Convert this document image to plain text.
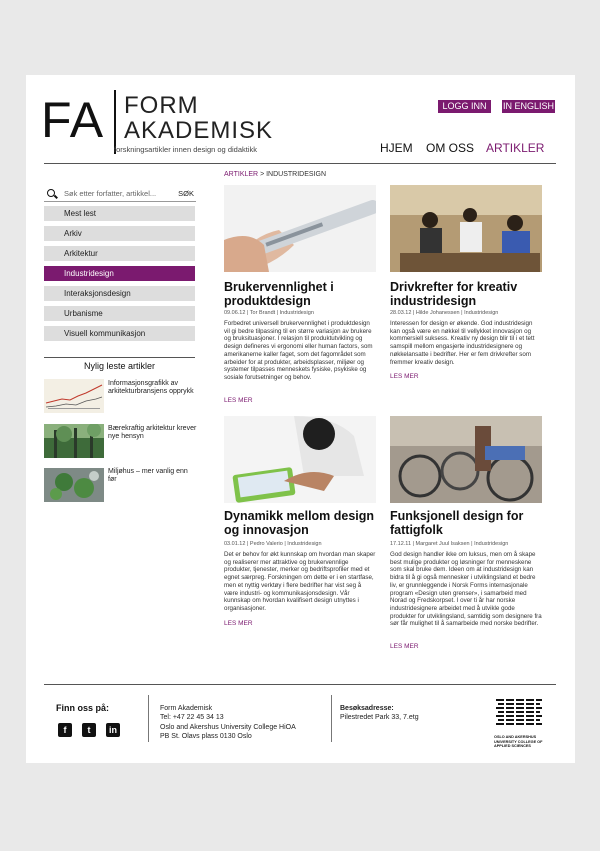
FA FORM
AKADEMISK
forskningsartikler innen design og didaktikk
LOGG INN	IN ENGLISH
HJEM OM OSS ARTIKLER
ARTIKLER > INDUSTRIDESIGN
Søk etter forfatter, artikkel...	SØK
Mest lest
Arkiv
Arkitektur
Industridesign
Interaksjonsdesign
Urbanisme
Visuell kommunikasjon
Nylig leste artikler
Informasjonsgrafikk av arkitekturbransjens opprykk
Bærekraftig arkitektur krever nye hensyn
Miljøhus – mer vanlig enn før
Brukervennlighet i produktdesign
09.06.12 | Tor Brandt | Industridesign
Forbedret universell brukervennlighet i produktdesign vil gi bedre tilpassing til en større variasjon av brukere og bruksituasjoner. I relasjon til produktutvikling og design defineres vi ergonomi eller human factors, som amerikanerne kaller faget, som det fagområdet som arbeider for at produkter, arbeidsplasser, miljøer og systemer tilpasses menneskets fysiske, psykiske og sosiale forutsetninger og behov.
LES MER
Drivkrefter for kreativ industridesign
28.03.12 | Hilde Johanessen | Industridesign
Interessen for design er økende. God industridesign kan også være en nøkkel til vellykket innovasjon og kommersiell suksess. Kreativ ny design blir til i et tett samspill mellom engasjerte industridesignere og nøkkelansatte i bedrifter. Her er fem drivkrefter som fremmer kreativ design.
LES MER
Dynamikk mellom design og innovasjon
03.01.12 | Pedro Valerio | Industridesign
Det er behov for økt kunnskap om hvordan man skaper og realiserer mer attraktive og brukervennlige produkter, tjenester, merker og bedriftsprofiler med et egnet særpreg. Forskningen om dette er i en startfase, men et nyttig verktøy i flere bedrifter har vist seg å være industri- og kommunikasjonsdesign. Vår kunnskap om hvordan kvalifisert design utnyttes i organisasjoner.
LES MER
Funksjonell design for fattigfolk
17.12.11 | Margaret Juul Isaksen | Industridesign
God design handler ikke om luksus, men om å skape best mulige produkter og løsninger for menneskene som skal bruke dem. Ideen om at industridesign kan bidra til å gi også mennesker i utviklingsland et bedre liv, er grunnleggende i Norsk Forms internasjonale program «Design uten grenser», i samarbeid med Norad og Fredskorpset. I over ti år har norske industridesignere arbeidet med å utvikle gode produkter for utviklingsland, samtidig som designere fra sør får mulighet til å samarbeide med norske bedrifter.
LES MER
Finn oss på:
f	t	in
Form Akademisk
Tel: +47 22 45 34 13
Oslo and Akershus University College HiOA
PB St. Olavs plass 0130 Oslo
Besøksadresse:
Pilestredet Park 33, 7.etg
OSLO AND AKERSHUS UNIVERSITY COLLEGE OF APPLIED SCIENCES
